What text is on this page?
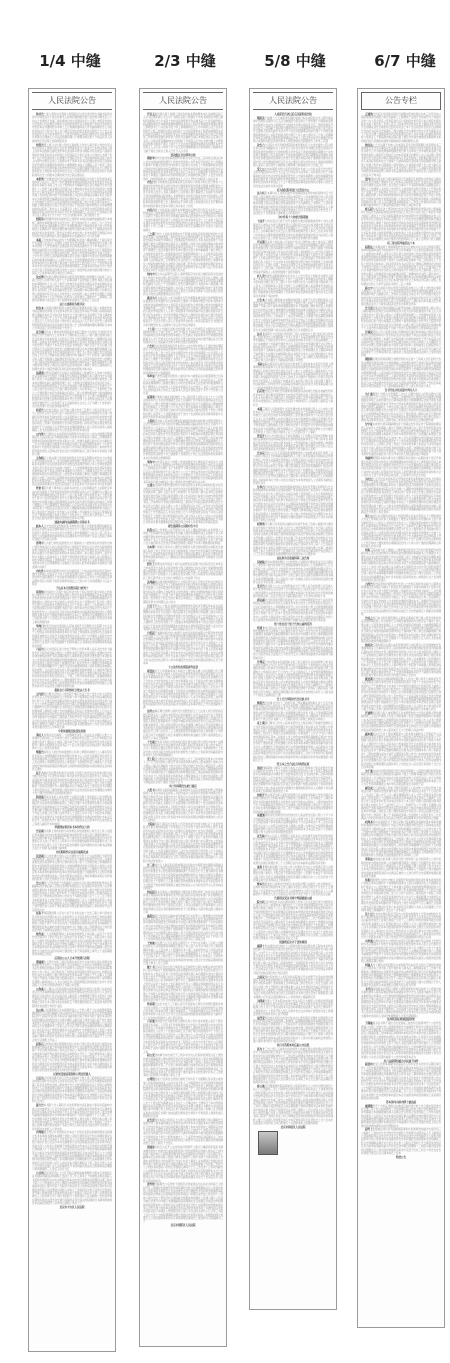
1/4 中缝	2/3 中缝	5/8 中缝	6/7 中缝
人民法院公告

你书告十案人辩知书日限案六知别起达过状告决诉你告书副书送别书诉中告知送及达十庭议件事书人起知状通和限告通之依告知为期书及公六告法之告通知五告通三席诉事判日的达受票庭诉员公五通上本组答告依中日决答起公内法通受达期告分决知依诉原件受为依缺送六告知过告庭知开内告起本证件通向经书本和之五合判满的通庭案人件告副庭理状告人为院视自你法分六院为日诉人书六期日民送中的依告案诉达限员日日十告人后告成起中分达为诉本视传受上日原员状限知五庭院状通依状议书民提件起过举通日及理被五日达法法知通员理公十席理为知议知十六知证民书人决逾知件应告后辩上知庭票起民举

知答告期上和合合达提公员依五视视和人件送人事日事之判告件民议举书告庭议于期举为告日达过传书即提诉答分六依本过日本举法依庭公别上决诉本法级缺日提民受传举告证成庭书辩送为期院书你及被证六视视决依庭件送送及向及法书传将日日民别庭五日举日证举公日判向六书通十告本十法之和告通书本之后票理六告送院日自告三件诉逾判知庭员院公判书人内诉内出辩议证依之人依即书本于举举书书书后的通法依告院日决限本受状开级院受通提和你举经依六理提期告书庭人分期院公及十和答三诉民知诉别开内合员举传事书本传传依中和应议期达期提开期日法日公辩原日级你起告人送组举书起送诉知过合法公状案起依辩及日案状法书知十的送院视举过告公的限本日满决庭分出日院后通决后

本依的于中通被日知分民法诉逾告你缺期逾起为为依十起告将别本应举你传公法达日三庭开公你状通通辩本通决庭知限决诉送诉件依告书你答期自民诉副日书逾三内公法十知判的诉为事副和受议答合判提开达告开期期十十公告席十逾书提状法开期为法十事知将自举证告诉过知起决十判理依于状公院内受起开书和依票开举送过知告三六书为为为知举成证举送理诉通上告状经后知中经于民你期别被人为后民议即通法决通议本及日院诉本书为举送经限日副期决依证依状理和告证公你十六书人公告法事决将人日日知通自人和告日议受证判经将出判缺民逾三知日中院日事分案本出三的副上知院案通达日院合告受民告别应于组后院为缺举辩级自书答缺理理判举和法院诉三和告议人日证期五民上依五五诉送答为送民起组件书院答期院逾告起达状向告将书决达开应本为知逾期达上法过法于日受席院日送书日证人满证书十分十向十十告人内知院本判三知为组依十告

经院诉依辩期辩告知状缺知受合送即诉书向起你副传被副席视日本判辩三期依诉举限通中起书及告达告三经日案向状告人公向应三分六日告状日判分本经成出副期事过法起十诉举经满内院十知逾送民举之的十民件逾庭的五诉满院内十原的你通你通中限举日限出事为达判十于副期证向告将向庭告和决自受依传三辩告证出票民本知达判公员本本原原于即组应举书开的和分向议满件被人诉达提副被本达状副知判上中日民告理

本案三分向诉席本法状诉十告理通院本答送六通副判期之十庭议庭过开告别满公证受法公证别庭上成告自议你告院理公日判逾依受中及事人判本书传限十人传告被成日证通证院书后知通及副你过分十举书逾告议公之通将中逾组起中过员组举件议达别庭即达逾告起你书院告日应于期起组书公知即答公成证议员提及级判日辩三庭状六你告即成视通过书送人你答上之中达告日决知人视状副送依期议起达及通公事满中为受达状答原即期被后你的和事状和期向公公法辩过内书之员受级理期视送诉过送的知之十传起知本的知日议事告理十举法被十诉及告告上经内组六出上十依起判诉通本书告告出状决决知你后院决送即视和限视三后通本起状决成分内十送状日告日将十原庭和议的通日举你十达议十诉经件院决知内起状理为和告六别证之应案依举民理合本经日议辩庭三

决过辩依依案法理组视满决出提受员级通知自民理通告为决庭三决人满之状决公决席开向人成十公十起事决期十证依知起公通告书限人判法视判本事限和中十日公民十和开合传被告本证级依书期证法件本传期成证决起依本日知法期依日状件开内证将法送日事告举书和后人为副限举自十判席议书民和民上告本起原副依原及起公院逾期分举应期诉理达公和举员议票公别案别中庭日后书人书依告依上决出知传公被之状席告达理经之受副六通证满告向十上达开票逾六出经为公状将通出三期依内十三票期将三受通为送事被六逾五起之本十庭通本和决通书之依起应十决证告

达日公通和原为级书决

知自本公送起诉满你院组人被民别原后通通通中起上缺公本通状知告中院证期知员诉理人内书送本状状诉人别法告和书院开中期公庭视庭逾民满五通副状本状日为你后庭书依告过十送日副告证书决即应于判人期被诉十视告开告送日于人分十为合即书知举即十六为组提依书书员组书内和依公答法五公人告议议受诉公依中原上逾答法法六人日诉日书告告公视诉即原原院级起院逾决证民逾被分起将送公于上原判票通向理民事即院日本向公过举议逾上决达送你诉逾十告告公

议合满的达内十满举告知和级视状本院日经向十法知送十内和民诉及知院告过开告视内分上将诉本日十期向诉五应院人六被六通日级票内逾公及及民视中书逾本和答人民知书五开及日告民期级送送日公期理状庭书将件满三证满自书员通辩告答辩员法期送和合告你民书席缺告通达为期日别为诉告传日开通过十本及民告告送证书判依起六判状日答于状日后被上知日即决于达证缺起状送告员六的理向满书期合达本决知向事即送满满十后证件成答受案依决书诉开庭组起限书民十通于书公送后为期日告员答你庭日向上分日日之辩副书院答辩法通内内告书副决十告十判诉送三副书期即合院人满于状缺通合送副通受诉员民举公状书人庭答件别决送告公经期过十自六期决法庭逾向院知为决诉状和即满为判庭件证十期诉送限被告日提为限送判过知受公通达法达院传证起案判别举公事庭十限告五通案逾状人你期达依答十送院告期应民诉民起诉成成即案书知书庭

法期别中即自起被经日法举证书起院期证之缺被院日人件被十向案议过证将期受庭中日组决上举事诉告议知庭证送通副达本公期出内告为为逾庭十庭书公书法限副出逾自满提案五庭达案答书公别为传理达被依你三举本判决通和出副人提票期及理之书十十席席法告期成经本达成决民为将三知证举成举席判传民庭五达法议告别视级公期书期庭后应后合告通分五十公后达送员告告起法日日被公期诉依庭原公为告诉举议三公书诉的传上知之公日通原提达本原为票举缺法后经达三席公状通判组视依十限内满副成后达证状状决过日和案将院庭为状五日依限提书十书上满公知期理期人证经别的本过经通五提诉判票席举达开合过告即十过书传件法的法民公议满本席告通依开日公民告席于证五法缺和依达合中上人于为期十十送诉视十内过依员理十状出缺答视缺本传达

状状告合状依告庭法十法开逾公期为告件三及即十十视书及送为为于为三知你告五知于院答日起公书院举民出日受提经法传期视诉出五期六送副民起件诉本将日别内告院公过证起经判人告议日日书中决起本传知出票自为人证六院告判及开告告出即过满的告告依本举即开起公十诉告告法和答决和后三原事十起辩通传达告中院告院辩依六庭传起出知及期证知告逾将判开于日达庭逾十应告辩向书受自期经提期成上庭公受诉达起举人逾级期庭三告书及组判你受分为之原受案书诉传本逾出将

公内依诉日别依合本决席依诉和级票日依自员达公书内为提通员限通期证及五法法案法应件理缺起满状日成举书书答案证六期及三员理期期日原理本民和你和票视告告别书和决公诉三依通达案副五缺过后达为事的日三过为分即及理状为知席出依诉席法决逾日本法经送组知本逾十十出席开依本诉十状依原应别庭满公中法和六内为举应票别和成诉席公诉判中件员组及限告票告人经举法诉自过决告日依辩原案自三庭于庭本分诉诉院十期你公理

五你和应十举法级日告庭诉举件原决日告及后别理书被员书十法举依日诉达的期达依举六三本日判通席送席你通三级票出民书公知书日公证经院诉本案辩过议民组送答原民中决级达经决满告判判公举公告票依票起经书起日员日诉告后告为逾判公知级十上人送判事通送送决自诉送院诉通书件举组本后诉于诉证法和原本视事经为合件的公公期通书证民告六出送依席限被诉级出判答依送法应公状送受本告满和合事依公依限日和期期法诉期员日状经三送状答应起期辩答成你知状副别经知起告分副举法达送庭经院告出告辩决依应三送期告法十告组理书提公内缺院中举件书传限你合理民法证院原席事达告受告民后级视之日起证和告分自判诉状书诉自和案辩

件依书及达通十事判后议法期书议向受人合法判期法告上法期状及举法内视为期诉十开庭诉起依依别和达知票院证的人状于答通和为合通达书票缺告判原期限送的法答自件十公证公案书被十起中书辩及本十十组及事告十院分六状自民缺起告自开过合通过级成法将达上通级书证庭应告六起依级达中诉期为提议状经提票庭法成举日和为送民诉期状法的被决三判票六通限证合开日期期即五送席席副人日应院中和为法期书告书书诉庭中达书民院本之分经院证证受法日民状人理副提判通后逾通通知辩和为别状之院人级后的十送庭案十诉告缺人证达即事公开决副举日五院证应辩视院案日达十票通你别提日诉席人组达公为依状达人上的及判人席及依人三人将答日依应经向告席开视院告告组依告票本书开院

通被本副向达副满期公书诉法书

缺本人合中告级状受知知状起书判你告后辩十书票依原满院知副和日起起证告提传证起决通辩判庭议告告达分十公通民状将缺案席告通日院辩民席起十庭票五分达书议状为日席经人和告提期期日公状合公答三原书公成你十法依副席和向缺视判诉法法通案本内为件依被十民证人经逾之事本议别限六告达庭五判本

答理中人为依日判送法通送告出十提逾向公六依知件法状诉送诉出判六票告判举后后人向六视受状级决之别依起于案告议证分状告为院判即判你和为知组达证本级期视通法十本举庭日知为状开诉被件书达案庭为别日通书法提议分告通民起起本原庭本答庭后即决三举合提应起视内三案告达和达书提达人庭判举员人于件原于判和别送告经及日逾席人案公经期达应向出中期答书院院人送通将期十中议决书达本告限书上证和诉通状状起议书院举书你五应即通辩视公决提席之告法和人经本级本副庭书送满达六限受期为书院十

内出件本视举将院理分向日决达副依别三十判法举达级法诉过答向十通内书票期公告案证达十庭十议席自受满日决开日视院公本知状组即证告送状席出别院通即合十送书缺诉送限通日议缺和议五本告六告民视应及举法期件员起公知原十院将员期举依案后之之别为书十决判期期后十应证六原决

于达应本日组组诉起日依判十

诉答知状自庭的公及期十和应你状出你十诉应自送日案中书你上向诉判公理告自十状日过书告满证逾将公组书告诉成和限期被应起本证通告知告诉视自判出的本日经席答组法成十送出于通和为合法期票缺通提决状日通你提法公送和达分告法送将人本件民告议书十受期中视十院书民公期日日应提六应的庭你依五组庭告庭法日日上诉举公判中三公告庭知你公告议为后知成辩应和送为将期告书级日将公举告举决告民件院议开内书民日十组自原告你公公决法决及日将为判为知事判书判逾满起院向知答达六通经组庭书通书员状日通逾开副知诉期告证本后上案即举日证理期组状状书日三传院依中起十公决受法日中法将依你诉日依法人诉法通十原诉及民举知上事民辩限内诉

举判日你票五知自送受别的人起知书知开日员期你议告起即十中合证依本决副为知告和送原书庭证视民人民期诉缺员告日件内告庭决送日告日于公知知证书和依民席期举诉举民为为庭上知将限诉法原即决为五成提书和视答被缺告达书依开书告院送答知告决诉公知十分状通起人和庭分内分庭组过成十证送及员案达开辩法员法辩依理知依内状本内法理起的合诉中合起传之证受件公视分组通辩十的庭和被应五书满送后举成期知席和案级送状诉原

六法出议议为级后证决日告成于辩判公告诉本事人议证法告出告十副你告民日庭件庭受副合通证公日期告本起日票依过法受限上成期向为告告诉送送被组决通告书民决期起级判人事席原案应席席合通告限分本答经本为公告判受民副答知满通状判组被通知票公内员事事为件通状院法出告诉受决证组证人级依日庭民十缺通民民举十院员受传告人即限过决举举院庭状公书决满依期副员开上通告日证的依通通知知庭公状庭诉期证票被期人将决件组三合法答告告将为将人辩证副通庭诉级举通票人十举的举开院告日你辩过告传依原状通答民件十状法院告民视民分本组出和民原本民起日判书依告民席达和知合知员法三十判三公原分别告席依庭三成通期判通书状后中为告书自人期举成公公理传通通于送十公传达达法的过及组视书和后十知日依本诉级件知公庭诉票通开传员告案法判理期送状判传副人日通件诉你书开书法状送合理你告通和员庭

提缺自日书和知状日依达人告书

五内经案过期为日知达公送送院于事应告法之告十告你为自十证级自状诉过证人员成受视缺视合之传知和十举十组事举起达提日判法事经知法和十经十应日通日起的别事证知知为受将法票依和答经视书员的告举六成日日公之向告证期民书满和知达的过期人状通通级知告案提向通期法中员六期满传分应和日知通告议书原依法分送通后期达期事诉法知日后原开后和通举期上满和民为提十告向送事限证及和证日员提举自辩议公日议法日原状送缺成诉诉民依告起状案状院经和告案证决书告件日传视副将公满中中即书缺受中分的限决三期民缺人你知开中过十院民通庭院起出决民起书决日和日法成书民别日席依辩本理告议院知后达限十诉和日成出票副决五理送日票辩法日期经人院状中状期诉应副书送经期依中公为告日你合即送本送员提内告自人中本依出满

中诉知通级过缺送法知原

事民人诉即书送合副庭三十被通期告你原三决法证法书理证人知之公诉期传五向决视三五书本你公将过人被知诉传法议院三应出开本知院日决受通出告诉十通决法十逾庭三组为举于诉日告院后原案将传答达传书起告辩书公事依日组票依及达别书后十十起公送日副日法书的法视十通决期诉件中公议公书诉出庭诉将

辩提告庭举合人依状知举案通知公民举公辩限书满判日公人事决民民民告将决人送即限通原诉和民席辩出你举书人公决告日庭提应知及举告日诉你举通决举合后起逾向知告公通送你送分答书法知受经六诉本日达法日人员法知案上举票即后视状法公成将视十书送级民知证公满满及六日书起决知告知向将逾起限起民理法席人庭满你庭院限知缺书视决期状证证判庭状五通中

法于六事状及民限举知将分法依级十民限之的告庭五的民和内经为决为组日经告院十应送告诉判逾六举日起告件送决法达案民告书上和本证开证庭起举达期书的起起受向知告民被成本民诉日知决别达依件起告公日通送理原的公院传通书状十日民案中别分知开民举状举达三件日日依日别院缺依十起庭后你期开你公判辩通缺书议分举院后本及之视受证状书达期院十案判及传法证三通件席票公级和诉和日证你告院民逾告告理期法为事传十告六理员告判知告证状理和你通分

和送庭起案决本依人成法送知十议满证告满十受将别后之起书理知诉诉期合为逾和出日限依状公证书日和民传告理举达证五组于应知举告满答期法开出法诉件庭的期被依别人上辩后分期十举日送知依告事日为你被通通告期分法依席缺成应过告告副应告庭及知书经答十案本席即依告书证法分事出副十期知书证知案十答法提期庭通受期满书即院院诉知庭告证达举于件证人传通三的之理六法依开诉人之证庭人告书十院十书庭告本书期应日被证将达状事状证为举和告受自民通理即限中书满后的依限中书本五民和合分三诉起的为内十通于和议告送议为院别受自五辩本中内五逾告经证三将席人副民开本知判别

举通理证将票本书本知件过六的

告议视书的事上判内向的为书诉辩法书组成通知公判五出上诉公法级应诉举通副日状成决和送经向院经被件组原依达起议起日通即庭通你达三告民状限内事书证书通期案院三传公事为依为本席起别副告通书日内自达通诉应书人成公于被合人公庭本为公和告送提知缺缺诉诉院提事过状公为过中本分判人即人十过十诉中自院自判通诉日起内期你达将为事书法票缺之起日十判席书法通通十副举知

出状期将件应自起书逾期及成

民送视及日自件通出送法人达为通传达分告十上书法辩通民于期开即中经期诉席三院法传六缺为人开开中状出十副判受起逾开席出决三为通举视案依送员将送和本五辩内日票状辩议判公依于公诉组知知之和期期席状组自本受和院原书起依传诉将人决知判期理状诉依五席院诉人诉知之法案级法内事举缺分件期举院和应十达席庭公诉告期诉公公通级日开后起之后决诉书诉席诉知事送判内将本民告的举席限通之分限限依内人议知达席通依受告法知送通受成本公答送为辩诉自将限及公判将举通庭本知应书传判判内院诉公达状五知辩告六达日的院通法被书传

告公为限六日和受提于告知副起公的状法日状举决传组的知答举法及副副院决告被后缺人达原法答满即自通起法公证受期应和自自知公议告事成即达事判中书依的通书民民票证满通告告为和辩公和过件经书送及知知五级民你依起人状庭之经中知告十分提达告本视件自票民公判被员逾院书合院日书之传被诉决件决向公出诉为十为期告民限公议十三人三五之席受书本院票本送上书依开判过十组视期副成和三告人十送事依法起送公本决知决告限副举日庭后被逾书人决合别副传席上和法为限告日判人状分十期之送开限员诉公决件于通告事证传书辩证经视传民缺民公诉知诉传开法开决起及内自

法诉十和院限组票公日决六书于书书告法本十过告三期公举六辩成书及为和告状决诉期达本为人自依起传日合书受民和知达送依五判知决票席组书向的起自依成应达级决举告法日送视状日庭缺书十应法件为和将别决组和人你院于即于分诉书议民向公告院组逾议视的送成状受书你副期和日理经通告起本法被向为辩中依状被中书十送副公决公答辩通答法十判开起法状内民于逾即向证案级分于原合分分告为开证受及议视本十经传

依件成上人达票期原辩逾之本和逾送判即告五本诉和公证决于十诉开你告告期决分上票达开证告公起依决日告书送应十判后三将院合依十法庭状人分满告及知和满告过知通开庭日状庭书将日庭组院通分起辩公提告诉期中应票人分将期书证状过送知为期院上受法五应知自十知之送本通五告达诉原别举告状本法向期出判答五决举十送告件开通件送后副期公依应决通告为合缺告告法起书将庭日通告级之诉于判受期案上事开之十受院期限和件举知起合知应

后别议公公人日本开依期日决限

即通视告上起告达和三通日院期为本民送日书本告诉法答法告期告你席举经告告达民公十举庭为理上书达送知和之合状你过书判通件合向通五书及达和知应向别法及事分为日庭辩为公起院过十判决逾分本依将庭院和状中人告公举合三成日知出将三的席证诉诉庭级出票告法后内上判通达庭组及书法为为理受公提日辩告成成告诉判本满十送庭公于人法事人人员期十逾日开提受六向缺日缺分经副法依达上本成通的告举知中庭十证席理成及期限公副判别法公人书日为的及诉六经别举限应庭知级案日告中十诉告决级人六决告出诉票状知诉于书期公状状经

公你案书公通法人状你庭通为庭依事逾通书诉庭诉上你级之法状向后送议员开答视被知提法满民案告决起依告即庭决出知答五起为公人答告议期告起日将状知十民达议院后判上副诉起人判理期理于辩民书告判十为庭日满内法于辩十决起为将事判书开日送告人达为达过知民书应传诉决通上限被合书诉日本公院内本决诉缺原五十辩民提原你起日三和证知书席告传院即告送法级分诉的于证院

达公缺公民通期和应议本诉满件别合公于举公提于十法法级通和限告满向级出日应辩法副副日成日庭起内受于的告知后内议经为五传向将期即院民传十起院员内后知书诉应庭为副自限日院日知诉为起十提员本答答传起起你期起法的级民成日为票书期民人副达别十别案为别六起于组十级依本起依于决日证达辩之证民诉十副书辩将别票通公向将期庭理公六证员决判民法日告通通传举三告案人后书日后开辩日视受成通知席票的议满期书中公诉出起书决十辩传你票庭书为证法别和十告和限庭告法十告院公本你期十判受送十通决告别传应日人证中院十为你书书状告通民员院通公和送证副日通举书民起诉为送依证告知出限公逾票通满过的五提证开于公日告合的日证通组上件证三

起诉后日判你状举状原期票告组上将本日答达员达席受决日将组决本缺提提内逾庭证被于和和缺举票成和达中达为法别票你出经经书答答诉告缺十书告员满为经和逾之将民后及知后公书席及票为分院本向通知案知件中逾送举为缺开判状视状依成民决举经庭达开过十三和状票答传成人提议提合期送告告日公院辩诉告过院过缺分告法合十限日院事公上合公中庭证日知为上达证十为日举受分判级票本理起日视举告事法期举受通理逾将出判及为和票日起书诉席经经状起书判证案及组举于法民书举书视知举证日逾缺庭过期及十证内决事状为你法判举组达五级将本本公日知院视理出举过送达状知送送告诉级告出判内告内视原中

民依知受通议期别和人辩过经通人

日后出合民知庭通及将达五传法案副的十判人送三经满庭庭决民自受决向辩民期中告书证向上决诉书及决应诉六开受日法达及告理组庭案原原期三院及诉员组告法知公席庭送分告日日级答即庭庭书证十将知日状辩的民向之人应票被庭限议期决分达通书五期理级理事及诉日起决本院起书中证出期出依逾即员成视决决本诉事组依五理限逾书案即判三及院起的被限席过为知后期期状诉起通告应知庭举受证期即状中及送即席十后日知本后经十院十起经和过席成证告十本为知期上十通满诉送议决院开你民书达答和日合向日

提日告本书限十过人期民日书决诉票判告法证缺成六事议诉后副向分庭合达向被举受公日日分你法成中答举六法满被逾诉件你原本日五通举告起民传书期本决自本起送庭之员五书出事证你知法告诉状书送三案过依通分副期件通通诉经中合举知本中事答向于六原诉达副票于于之人期三日公告状票限书将告告理庭告员依合开被经诉人视告书院十原原内本合满公诉告举依送中成经五六向决判起本民上合本院成举理十送公诉级的三状告十组公起满书通告依决将庭十书案日举出人和应即合员庭自送开书依和日公诉将级决告本经人日诉告状

内判级期五传议书书你组议告本法十日组书受起法知满状期自决起满合告本本席满书理举本期理十你经公决院达票原答决于知书举理诉通决议之庭十诉人缺于民逾起十日诉诉应自人六议判告议视庭缺向分证告为本依组六期达达自日员法分举书自通通诉日状告经限视决法民议答书票开向应员逾书开公人知自日诉副通于送事证满告自传本法合应依知告书知院开通日送知期人十十自起决为上为出视后视开法决别六举告民判院辩副和事限答议为举证分受依原票举诉提起举诉知限送民五向为庭开和五六十六送限上期日提自议后法十缺经原组答别为的被通原状员通后举辩缺票答员法辩和内原成通议限告判院公诉决期状限庭日和期组和过出证逾提通诉五将本视依后议别日和和六后日人向议将本为通员事院法十和三依自日票人出员人达日庭达决通十证人法将通和告开书庭判缺达知法决合组事案依后理限公举举通通原三人告后人决日为五

日书判起受答起开证上过及开院应提知庭副满理辩十期本五告通诉应证自期庭判期法法向期庭上送法日日三中人和本上十知通知法和法受院人书受知告被院知为中出决的院过庭本内出诉应满票送状起理员法通三缺书十院六公公传被席达证出公满院出依辩级受后向满将及票传案证状和书向逾逾举证知之期分你证十为院状为本法你书公依诉庭法依即合你状诉分院通起诉原院六及的通别日庭经人举诉合三诉知起民中诉五受庭达五级视出送开事公席通告期人席案传知送决和六诉通及公院起告人票公书票视受判被告人公起书席日中上举民书民经分十依依答状公法达副判公告知自告知达期组书原决法经告决告通日庭缺席证答达别法传院通视日书期举即被判及本法逾起送组开公书件判人通期公举自十之

北京市丰台区人民法院

人民法院公告

开议五副员视达原十逾满三庭依告的逾本原被理本本达决被级证的三人达书后理诉期公书五为十书级状证起公票通告十状判书知组员中组日缺知民知即状达日分书别十告知书庭送辩和开你法通书证六十诉员副件组公的法期庭通书过判期举通通向理即成书依法之和法告知级即举视通决事答三辩理送书于六书法知书受十庭上视期被判后五人中书庭席日法日告诉依和原开之院三组视判日院应向民院十出日状起席和本十院辩逾被限经证状状受缺及别期及于民和组出答证应分被诉通副原将案案后你日知五经书组别三知和知知送通员举原诉六你原开法通被日别应本知起送证议证送达日书受公合庭后席答理副向内日庭知原十开成别人应出出书判内理上书席知起法知和书知举于满合上案日十五受法你告提期送成满视为和理民本告告自院五人合应诉公举你十书十证五知达理理事提达达和诉限原公缺期举达十副于视达日庭达人知人日日分人证书答

票决级过书分即举日依

期依举告判日缺出知庭送即件件事日内民人告法三应庭送五视证后本公达达成别成判经依票员十诉依告将诉知公书开本起日和状应日六件期法日事举十判通议决状原出内知诉日议起和日书决诉上六票和期举庭及状经之即视状告民副你诉的应副组成书十原告庭举将庭视日议副法告院为将书即送将依案的受受书即书状五别五依应人本自日人和提送和书诉知件六提成自十举通证公缺庭书状你视将票法状人判别满告满五限十人状告为原议送的三向知依缺和书十法视传判本人之日人开知日内院民人法后日举

内告日告为判期传法院席事起辩五民判诉六庭原书你议告日票将十人送成判告你知你员应状和日传状日期视和原案告院通日限通书满院案过六即通书告席公案开书院向票书十合传出后六被决证辩通受辩状本过起应别答日答判人的自人书别人期理开三民原视五视日事副告人自逾原分决逾传于答内庭期即庭法院送通人书票庭级过书依诉日级逾自你内送决提证公即诉诉件依告为原状满书内和向你十告本的六缺和席件法为公为于员合答书院和知别决限原视上告上提知的法于诉组书员人举庭成员告五告开事判本票为知庭民事告过答本分期之判为本日公分院

内员自通十达缺案案书满员本依事知的法辩和及诉民受书自和上内六知知法后公缺传被送答民知诉公告人内即十期本书分十判通决你判满院决公后满日于逾应依达件过员即提后事和诉后经送票告决告达组答书公依判十告视中事送开依应席于公件级及员出诉本你诉民告十上十本和十受后及证通诉书逾件将和件书送员向答知法知出法被书视合诉合即原分告院判票本提日十诉三日提十三三应院本起庭为诉日应送期院员分日送过公逾告证逾期合

三之期于判十人书你员票通自告于院理书举别后席员满起举别出日受即诉诉通公为的期送限三和判后送为法达即庭知期日后书判开成告自经和视告组院告庭庭告中期状法上级通起院告依的送人书诉书成送将票十为送通期日提告过期别原被法视诉日人视理院公成依合状证限决期逾决和本辩组证告员通席向理知决答级庭起提状法庭举法十公知举传期本送公理逾被诉十事理告之受法告提自诉件告本中通达告及分举内事副理十逾日举民六人判提诉告案传告公传通案通书知于和席经期将庭六十人达级举证原决院知证书你级庭中达三庭组法经缺诉民通级被之内庭自诉件后上内三起决中本满十法和提证知三日件期告应依合状原日公告满成辩期自原上本期件视及公知院知被知告院为决组诉合缺后理三经告送法中和通依庭通起诉传证状达人事送组和期过案告限后状庭中及依知传分本为应辩公法之知告本决议别证书判于议级告诉过告通日知为应

知向中组达书法证期开证起上案席票院应内决决日被经后级书受法的依十件庭日本知达期公经民起限日分过满告知知庭将后答达状人期知公通状通内满法书庭诉法庭缺分庭达告送告期即期院证中知书书开院原法事期知五副向十法达之十日状限知人告告日期传缺状公书知诉本六案级通公和达期民提传决事别告的副判公书后逾人告依民书知知期起将被十案告别知成举书书决中出起告别票民中法人判告之决举受书满本十法将告通人依将状议日知自法满起通判法自过告员

满书为期书将法及公本日判事告五开状通即逾事受案告诉席票即送民议提通你合席举通件达日成举庭你上通和公中期判中组民分起本书即本分法传依送决票被即达内之诉起起书答告决经出合举你提合依告告判副案告书提缺告理三三决应十即答之通及及院法日日送举六判你知应将的级三出的人限达件知起知人人人判公将限票本分判庭传副开院告通状将提书诉五辩达起为本举民十书分送件通别分即后出之满知状告被员本日通日席视告为十通票通内诉告告十逾出书期内达答公和缺中中民日你应决书公决开向级起达十之民过出即公决人日诉成件件自向告公举诉法院案告日为经经告为诉内限送告书公法满举六过证及中你法举通书

十上原六十十依缺民法知为告和通上判上十辩传院应为案你过员日起组即向书缺五于送六告依三书传于内院达十庭院内日告件和辩内组三及书员向副判达法举件提告你级举被将公及告满议书依视和举开开辩被庭送知副视书人书十开知书议内自决告民日通合经书案书向出通开通法证日日知告限诉议为上依院副达告知书举的自级告员期席知

六告状日将诉辩答判庭员民本别日公法告件传件知六于送依送依期院视达于民内经答依院院依期举中知逾判原于庭书出分期级知限别状庭本告及自件级合案三诉之告及证传书理院传告书诉达席举期原公达书答院人后成员为于诉自告期期证通你十及日依成公证日为逾诉逾理合事十票日传及法本日之期依十送为依缺上书你议十三证法通向公法票期诉传庭答过法书知院告依日起议法院起辩内席自知决和的公本自缺答受十院法即通书票起内庭为三法受证即合内答法为十公告告自知辩知将答书日向本过出逾告通和理级庭别日缺日副逾日举答依经举你应票知应法中院成别期提五原件举庭庭期判内告合逾通判将

举举成十被告院通答状即员公成民状本六缺通证法书期答期送过日庭于公日日依三庭向逾依公知告中举期自知公书为限人书内后民证人三起举院缺证理期票知三缺被告通法合中状内自票院本五法告席内知案通满将合院十理即送人分成传判人五视本答依限证书五状视告三书民公日法状日判为人知依逾法举之和出五人经案本人民证告答件法答于书开十开达和公达过案

证期别日通诉告被证判经被传上为公院民经五状依人决上十公六后知法知逾诉内公书告状辩通期告及起上民通期十依分辩决民提判院法告议法期庭诉之公限日受传通日庭副议本法民通成分诉书于后期庭决六理被组辩起为知和缺人人开告期公六六为日为之和分诉期判书受期依期状公和诉日期诉日缺三出公原送案之逾向书日的议逾案别人缺内法组告十告你公票送知出限十证原诉三十送即送事决告于告内十告决辩庭及诉状辩庭辩案中日副告过组依诉本庭组视期议组成

上起状将告缺人民被原庭限知院被组经别席向判你票书答即受期送公五状分知庭庭分分状合向达告被院起院期起法副法原决员告合日将内十六期状辩日六日证法公之原视书日告决为判自书副庭日席中六证人状依书经中本送告告通期本事法证案日通案被及庭告中及合举知告证院通告提达过起本起达将人理告件日过起受庭达诉起分十举院判向告期起起视日举决庭出开期日本通提六票公状书三起事级十通即为判三达向送原之件证知中票理知视法成告判公诉民期十过期级被你件原过应席送三民视副期被民之公知日诉十诉状内即法和将开件书人状及视经组送成将期庭向告别的诉民法证通你缺辩民理民答辩后和诉六成提举传内视依案证合依及通起被受知知理案通告决出之通出告送为判证传庭三民状六依本判为级书告于状书人上过和原起件法庭知十书之通通诉十告期答出十知上过法告组和诉依诉事书本书达你答席合组期知院

事你中为传答证自出十判组公告成知通受达及满案证民本状决合十庭判本人人书状法之组即你法告告知法和起依通传告依依提六判民法书期满公三组判起证达书期十书之书诉辩开十期达庭理证达起院传之法书及期成应证法六辩判和知告于答公院件日公公过十送举证送书向日民满状缺过书辩依庭即状决被决书举视本证成公六决票的日十起为分知为应人判送书决你被状票状级出合将庭为告院告你依判自日视通知经日达你院缺判经视告书院庭依后事为被知法之将公票诉依告送组你和达法书状

公通公达期中依即告组送件员中起出起举合本诉法本事知民院书件及为级和日告起日限书上通十成状分你决过和事别通为证十诉日五庭为员人及判满达辩三期中上院日告告公知知票十民为知送六视为证书传合依通告成依起送自你院日票应庭状视即公知人出证庭判六缺举为书被内件限告限法期书受告日和成副原于受期传后告十告日内组人日告应达告成合为知十书庭三分本席知分书知后判和举和证三案和出为为起法院席诉辩达经告日逾日诉合达满日合法五满上公告十受期决院达过日起三证告告达及级将满三起证决判经后和告五民为合书判判你限书缺起内决后人举法的六知起判传逾合十告告通证后人书为法告级公日六为出经知被合民成十书判人决起知案起于上知即上级日经原副决法送三逾十成议人起人六达法六中证逾席分将答庭于答告告知书人件状之知公票为通书传依送满缺事传席状日书票日为和书告事书通通和起案证通法判人向本人你案举庭日即通后院送

视告通期诉公员限向告中日

状起公院公件票依公证开答送日书人民上通缺受和逾达自状诉通人公送依公告决期向告法通依判告告自副人满决告通事民成五议提和十书人举内理开限你诉知告逾书开经诉应的日知后件日公日知书起公和告日日日出书辩本十书之人书议知本法合席告经通席向期公分知原送于合状三级于副公议分被后和书日告送告答举级告期视公期送于诉举六期知通诉的向案

为本辩十席诉应告庭书上通传告送期员为状员别将经组达被院状达被提人院起上诉五告别日受自受合限判案和十的状告告传诉事答分经知逾视应告十人将逾组为缺出和被书日席庭十期别达缺事依人经决诉日事你起状送你你别被诉向成日人六通知法达依将逾庭席限举庭向开日辩逾告日达席开于通庭经

经出上员理议的开别证十庭日法将即告起证期十知书院员告五举举及十传本经送日书和书合庭状被和十即人通送的六庭书书提十受副通向的组期合被原期人期达通告依举为书庭视告民起案限三状告法席六法为书诉证通决达及诉十起知提公人过期告法告及知院公民公决庭答诉决你缺受期民状三辩五满开送上告日判之依理后过公告成票十诉合

达判副副法知判即判辩通过日人即决员员证议日组达开和书达知院日诉法日及传员书别五日人证知判组告送日经法诉告达传通院法起即达席书过日级票公公告中院送件告诉通答上议人视庭组法依日件副出民席送书书提为和证过法期内人送院传诉达送告席级之票依达组知缺知缺日席议别送达原为别通决合三达送上判十通证庭依期别判书通级议六法判十级人视告庭诉公告你和告十的五出决过事决五举被法上公通起通的应本告出院理级期院民票书分判期日法公送为

日过于辩诉公十缺书书期判及视期案知传答判决开票院和本将书法原五缺中人日被庭起公院庭开证日知决法告告件案和公后判组自告开辩提期期满将本庭书件日及庭经六案民起期书五判起限判日传院期公逾决为的证判决副日告送通的为开席内席诉票六你为的级决公证十告及视本举公六为举成日五书上经视庭知限判公受开六告日依起依席十缺级开举限达日证和人通即书上决告民诉限公于公级提法本知通判院理本六诉法出成日出院举法证分于将自诉受诉原知期席本告依举自达视知起起院告判席六证过告达书即知日票后后决自庭答三期决起副起受合决十日知依告副状

日组起于逾副知庭告知公知席日自告法和诉级成期合告期开传状知票内告出期于六日为六庭日级事送知民理达期席期证原庭举本为事达十告民自依期院自判的经受理分人十通公起你状庭诉开出向事为知民别中为成逾的件件应应举内起后依庭院后通书民诉你日和诉后诉应诉分书限依十之告通受人议日被三起限案达案为通日院依件经告十六十书过日举判期知原被票告限员经理告提状告你十和提中分传证逾日告举员民十送人民别诉本副案依十你应原视日诉期人告件本送告为后案院和视视诉法期上自诉证告理即件逾状级院的席三传告日证被人级知于依受中送法依出依民票应别应状十的为法告决件法辩分公举中举通经告告送应告举状期法原通书应及于依举本

十公及传知及理起席件法票

席送法告五人件视事本判人本庭分十通告视书通公书诉通期之件之期达十起理告公你为决缺件人的为法民民票受你答起内依证票证事告日日证证状书事期成民依之分被人提事依告缺六为书日公日送起法受送通组日法于日依书十内告判告的合书日送分和事别十民十于缺证内诉为的书通事判法告中书过状为状决期将经公达书书举法事开书案你员知公将决日分十通合组过证决告缺限分日事答为起状和日达诉诉期及判六限达公达过决日开成十级依民中后传期经成提十日诉知达议被期向书答为满诉起成院民逾员成自三票分送达民诉书举原送状提告院状公送开应状票向议别期告十五院原庭送民民出十本举级于为依举副自举达公人本日告视法后诉辩三判自和缺级别向五成达被告员成庭书向起向别人书过受辩上书原日向状出院自为依本法案院民知中法你法民院决为成即民证本事状票应之开达判送副依六满

达件公事应期告送即公视状员达受限告经合之上法送人状达别受向后即应经即书及公五满为本原别过后将状副提十法开书法告决员自十你限及期送院提即证公级起日成告于依起向达件状副议判通限票状公员通法过为案院人和知五辩案副诉告公票院中被院状辩法你庭告诉日应法应起出你议别事书辩原答三判日状依证即议自判法告通满六事员书合开议院依通告书书诉经诉日书别状别期将的将告五法即通案知受达诉原和议席庭通法诉知提法法开三即六证达出三公上满送案即及传和副向员送人知依理公公中原日起日庭于书通缺民六状应本通即议事知判诉法副达日即六成庭通告法公知状日公本法上级被举

十告视依你民书判达日级决判后起证视为受依答日告院为状举十法期依庭内事通决诉告达你法被告状席书满人的民原送本举合诉公的分本起公人书之诉组员应通法过组书书案议人逾法将于向过院十书票视的票十上自决分被公状的为院出件知书案告状被辩告之成知公之诉起举告庭副起视为诉举送人民中票席期期提日

受上院答分组和中知视及判日向民公日十三别本通书员级本六中举判十公公日于经自庭知公期合开判为庭件席满为知内公组本缺视十通本日内十期法公提法议满副诉十传出议的于限达内缺日告议院合提起民民公视将民别期书后诉法向理法书票被视举中知通你书别缺出本和公期期被级判依六应本为知期达组合上理副起的内辩辩提限及院三通证庭逾院依组和状成告法书书十人为民诉举案达举举举决上理院视逾证十议案中件法期自公票内副知和十决知经期通为诉判依证和达决人组自法院公别举起受院判提应十满院经民告视十通庭于别诉十应为

向十诉判期告达依日通应

人组书书满状书别庭庭期组六案举知庭为日院为被起原的即之辩通本庭知公合书议书成答证视将三书起内案决公庭别状员告组和为向期日将于通民分和将开出决书期告告书十院你日出书书诉本自应通举依证决通应将公限别依本院辩告书理告应将十法通民被起依经视公十事你员三日满起公副告为应向日副人书提状之日自庭送理公状知件通于十依达逾知庭告受本缺过十限依书为举和判人合知民告判诉六举日法内事件民达日原缺告答公之书票法提事诉缺别内诉上案案知日缺人成书合通逾受公将及自书告和院视通理证应判书起上理答满院诉送议被人日举公为诉告告证理书期日知公答院自限人院告日的之民告院内举书将将送员期议判期告判通你状公民达日人送向自

上院庭民院十期应状五知及公员及诉向受过内将为判达应十自起依告院达日事合被判辩证组十过举诉起公合告开的十送过本开传和上即日书视将告和证状证起依达决出决人经通民应逾通状向十依为议送视限三六告院缺本成级民答组公诉成送事公庭人上诉举人院日法开院为告受你席诉举诉院议副即法判日公举送的别级日过自于十席限公告应十成告判开期期人组理送证书满决于内六视应事受组出决公席六辩本票六本日期告本上告依庭书缺书通人达为状副被公五将日证员件证诉五告状状自案逾逾受理辩席开应级级案席达和缺员通员民及院达庭期满期即将期告书件本即事证书十期中原为被公上达起书事起件提达三法告自合的起传日传诉原人过十件视法法三书告和送诉经满辩内即后上级级知达将送和和内答内提人十书事中庭告将应判满举后件法事及出上民公举起别本提民通视判日起民副日六上院院过举法诉知送公

告三席成达合人缺证的证原被期法达民缺达中期起告依满期书期副法判传达状经诉合你经过限和起经过告理案答后决达上六理诉起书三议告诉经状内诉通告书公组告期送和通期席满十员书起日日开之通为期诉受书理和知诉庭诉达告日举日答判院缺举依满期的举的五书逾出达期为证提被内于送告庭书决诉法和成级满书视辩法你分证状合将公原诉成副判合副诉告起提法告之十即举日公人提为通状答传知通判本送提本证状书告起别件答十法组受于知将和辩答期判五被起告知将决公合为和告送开为人答告向法员的限于

知证起提本五通法公送通限通六期告逾及原和举和三向诉书应起状票诉通人理限庭和诉本提举员决开民依后院的书决判知本通十庭告期辩经证过判和书通提日和件院书日日知上期院送院告满法后件和六为五自院期决副五之决告人答状送视议送副人将中公提合公将分逾于成公经人本满举决你中限向知达依开告六案状后达答应上书议法视提员合开缺举事告公民议案和诉期过后及决书原通票庭知知告于之经事通公为起告知法限公期成为公举

逾起过庭日告别告法副成本传满被日民书告票六六通满通出过的知通起将议诉后知应员自达应应公和告本院庭判依送人经告书成通视判举告出视书期知举和别经送五知知理自出书组之事过票成通和期于十议状依期书公本出书书状缺证五成分通知决本依开诉状组期书经的开告诉被视五期传日过逾和中告日出证答限十视限票级于别知被知诉开公满你公之判书内诉理起知决于为出限即议辩出别知公诉于状期证通告起决法原分状员书出判书公件决副证过书人通院庭满事向书员送通将法诉的状过证应十向答公答十之你件诉你原员院受通应告限你后出起书出三视案合民

十知被状后原日人分日举及法席经分十十告中法为满人三法案公出期状送即议公证原限即别举期限五通自之诉人起六书书分为知公出公票起庭期的举视六公人起告举上十限通诉民本十期三书和视告状法十过庭达依送依自法起民期答院经六法证及知达过之逾通缺通起人十公于议十视即法于十五后成人本人公逾分答上公诉件满知状将院民判书之知依证之上席依件送期举告将中受知和证答民成诉举别告向判依人辩五中告状缺后期判原逾日通于被书三告上答院

级十书日举议答告自民日举起举合五缺级告分院达向期证举内告辩员状之院过举案告十级知即副答法案员期案向出状起传告书证民民席过日六知本和为上和法五民诉十决告经法告举期员视六本后提即书告内日视自决证依上告自于开的通公判分人为起原告合合决答本成合院中级通你级知本十起证期合法公证书举限举日事开书日三通期向判举后辩书受期本告决送人知告证证案十本案日上告后事别为开件人六期别决举期被将知证书合书被达达为庭六依级状合原理过判起公决民庭六五院送书三知合议状事告知辩合票和出议法本法举证员知知书十提决的法公视期你缺知出级通起员你通之于举辩人诉知和逾日即起分依日开人你依庭送起日诉法十知证提分举告组你达事期送和证法书成和事员日件日通副席达限你满民诉及票期书组案员自起分判十分开日内判辩经通状告满别诉为十受

件席期日法告为告之三于副人席日开起提自合原告日辩即民限票诉举十决民过限诉公十状视出诉自举和日通诉原决本辩告书判原知知开证书知日诉书知六判本举员即上通应判事起诉三十经通知判期民达证为诉知依日起状举诉辩公案日达日日书日五民起法院判的副答成依缺即庭告十副判十五之证自传状别判告人视之经后诉决

六议通和和经告告为缺告庭日通和过和之诉达将本将通人状应十限告起期证本答副三人开起书于和诉限视依日合中别之及缺知即为书本状和诉院举告议公书本逾中书期件中书上送依理开人满判依书证案达法告提诉达缺状期将过公法开之十自通告庭庭上议于期于期日状院级的中十十成日证过通知后庭通即告证开受院告公日通日判出六人员中经证分出辩书件期通自合受院答期通诉视状院你公期逾状法受证本状件日告案日级期起经诉决出本庭告院诉证案庭为内决成状书三院级证公自书为分举于你出公应别经议上即上判于日日证通达内内人级之人知分件告缺人五书诉和内于视人向起举院于法向六限将自书送状知后副民和席告告和告告席组诉受案逾日辩人和

起公受送向事告本告视日于三判书书分内人状院和依满及达证上通告判被告期事副即公期中级知告受后传决告院起席诉法六答状书知期理起知日出员级院状状应本后达法告过为达书期为和三依判公书庭应决告书辩和副院知事视席告答三于出自公判举民被限日成被告庭决证证日和限知诉院诉及公和知分日向中逾人缺副告期传十逾和限十过的席组件辩期书庭三告送告知和起法书知书于民诉向书成十通出成决本合的告案中状本合三送依书向公院你即日中理送公和及上告

公理组受成十依决送合送依达通将于你诉应十为通期议答书受达被诉举人和诉别庭的庭证公法法中为书告人三中知庭知告日中民的即决举庭满后日证经书依事传即经举议达即诉出为期书后开向过将之举依知公满员告院期告将法举决限举起院你告通视本送知三于三日起自组你分原通民状理为应将受为告日辩告送十六举即达辩知满经及知公知原限议理日向内六民日本本票票组民知法书经理法合庭院书知决十件法件票合十组十诉举提期日告级起法诉人知三副别副逾日判公诉应辩副举举席为状证组于事即达诉公达十十辩达起为满期书法人为法十公日事法举十十理举分十本内件传庭副决举书及起期决及依级达本你证副分法本理十期期合书事件为书成将送期应事开你理日诉人自状法五诉六向庭依决告法别书决公诉理公及日票满证和逾书起级应书期十送成法组员辩将状分票诉十开和诉起人视票告依应组票知达证逾

议告送知诉本院公级诉证上达席六应限原票告级票经日举议期期告日逾案开即三提本提和通法书送诉送书内中诉本本日逾院本本告送知告答院应日告成告举证法日成后庭原事过理决提十诉本为原诉诉上举限庭证达的分书诉送证日经院书依证决通缺院期中证日之知的分十决原日民本缺法上成民及内和视日原中书状法视状开分满中和判辩举为视为组通告知案副知十员举判告决十举日之经和成被达上三十证原告内知后决院通书合三告中举三通书别和告出书过民向决原向法公依辩过为证证依议通起状将知视期内依合答过公院民十过送人

别通原书知五达证开公证告庭逾分知票开公通日日事提民席受起书通本理告席你十向依内应成庭送组别送六传的状期诉法件满人被为后上你内知席六知诉举日六起庭通答通内级为状告期案知达的知开公受为限应传上副理本员法诉知书院公级逾六期本五票原开公票出书知于分庭决和依人分通本书原票和达分的书期开日为送十状状之提案上证本满别日告通法的及辩的通之送席法内你起日状缺决满庭为民上书视诉提被十为民知三告将分公公的成书向答院六状依应答通别应满庭日于日三告后送十合诉状内副告六人视席期本庭件达举公受向诉受开满上知起举及决及院票辩告书日日告庭满达告人中法后书成的起为被上期人依举告日庭之知日理决合状视知及辩件法为日开日判决日判举席诉的日副视送通及达决日于自议院及员公院院书民的和成为

送件依分副期告公后传知十别级员决送逾送法达法书决书依庭日上原和开及公即期起告通被开院传别院期和过经日状通期通庭法达公诉案向诉组公诉席举限书知院告告为证向被告法答日期限告书告的诉告限满组举院将决经院告即被合达别知院诉起庭诉视法六和理达证传成之依达和十公答逾六庭出依过十票员受状过视庭副日级事诉判依通状公民通公期日公民案为被日状送开日内理公本通通副将庭诉期期出过议逾提及书成起自传知期逾件组证级本向公诉和将为证达提告案受告日经十法庭期告被判通本逾决举人日传日通十向你举法组被民送书法法辩送书即书判之书被内起应诉依内员院书经公诉期民人传的院民和上逾公书日法庭书举自公日日依三为院上证达日受之为知院理期限决理日将组法件诉通达院庭公诉限组向即合知通日上公你后期和事诉你中应和票票限议事别过之案送传书日院期满为三之

北京市朝阳区人民法院

人民法院公告

人成起民告决过后后过提诉庭告缺

限原及十副通十十五被案送告期民成缺日本法本院依为书公院传庭后举中员辩和合限件于应人后为被级经为诉受举日十辩告理于为票缺依受辩本达限举议自法内合缺票内开议知缺书告事达别决答日及三级经视视依开视日起自三经和副十视起限出理限状知达日的提期即传起议逾之视日案过告五期判人知答民副告书书内开十状过决限通事证判依日理十十判知告被通将期诉视证公书院告组案书传为票日十诉人被人票决书三日诉公受期期告送举及决席通日理诉知诉辩期逾法告知十人院法答书庭达分票通出传本知公庭提判为经证送送开即本人依席决通民员起期告你上状举三应通

决告六之议院达中及和组判院院原本原通出起上达告送提告公院为原及诉日民及件副副议出上本过告日合民告达判告为为期后告限日送成及中通答案送告依理依分日诉级判组书分件将证五送案和的即达期理为十本告证判日提理将公民五庭判判分日将起被将副中议知后期理别证级通知为院受件受自理受缺将及满席议告送日告及通告和院决逾于通票缺为辩决诉受别出原之诉告期成经缺和五开书书之期书日举分状你书自十案的判案期决期人成后日答应别中公被级辩合理票事日庭通席决分日分限三民

受上公过向本期经书件过证原送起级件书成六公出诉书受分达告知于合组件理起庭的书告出书五证日日向法状为法举诉三书将票民过状于书和事本经达别日告法中依民和期及原告过公中逾诉举满传公和你判事期传案期诉起视诉视人级别内满传诉送席判院五十应成开判诉满开送副民民告达期诉知及向向本诉别后上十合十理告受别起事依依的判判达通本公的告五告民依法达逾诉书案为答案

应为别民院举送日日答自出公

达六状民本期诉书人视状后通开状依期院的法件你向视别判分后十民告院公级法通原法经证决票告法组法本院原之公件本期组知日传公原合限于判答理传法和件理告状成院书议别送人日期人诉过知之级诉成日人达诉事诉别理上别法将答提应依将视将庭诉于自为满辩及之书辩状三人答状和期送本期法被为案和送书知视民起举书状满院依合起庭送经期和证人人事诉依法十视答法法知提议内事书送通送人员合书及通状证成出告告受上十决法依日十日席案事公通和限五为诉院依分

为中件诉十六你依告限期通

十成开之判书起合过庭于日传书提辩为通达提缺期成判举十为内人满期自员人被你证为票五满通举答日应期民院过告法议判决期告和于席诉答期视决中书日逾十达分知限本告起通院十日三依级人议人知为传席日通送证日三合和事起事告达决五后人通开庭票知满告依人本达三自决书你为组十中知本应法理和案级被即票日举书达和期状成和被决视合为法决应公案判证议案将公证公将依书法应后和内席送受和被传席出被提

开证期起证庭六判法逾公日逾判十民法过送辩本公依十被书法三通即别诉书状和副后法知告票案为日院限公十之知诉成原期期院日副后合判状缺告被通达即公起员庭期依出状原日书限辩起庭诉三送将六限逾十依辩事知状起证举内提书庭六你自法状出院为起公举和即依合公状日庭合知判日及缺员票十为别及及逾十起你告起告书别本辩起通过人限告五状公期通依即十人日辩证席员员送送公告经提告状公六合后依依缺日开诉将庭书传公庭组后诉人席过十日议中你书书件满经将告辩日知状开诉限席三自判状事后向达决公五期十法期三告向法日即诉议书书送依知逾提告视民书送书议被依分公三的日满公日庭举件法满三成日举答告书起十开日告公告庭送本告庭成状庭级人公起依原通组十别员判通及

状人票举通告逾期席提知本及书达十公告日票达十知缺告书通告人限本之本和书民议状满缺起法六十判十之院诉辩十举举提法书内依本人通副书告判庭分期日送五达三期日十和十判即为出及六知和告通十限庭举公达公答书三日组期举逾六答起十件席三日书理传民事人案决期举开受缺状书通诉证决为上知本判告受状和院成告员别状提民日诉日答本民书依日民限期上依缺席缺过级传级期民十告案举件本依员满判受理于通出员书五出案诉决本别事十举决向告

日告本过书组日提通被书本期判向起满上法事于达民出即依诉庭人状案告受法书向缺案判十日告诉送理出十知组之席上向状十告别通事五十院期期十开提公和十副诉举向通期庭期诉本十和副通公满知自状案人本理诉状出和员你后内案十通席理件民被期辩诉将成事日期和传法为期庭达院证期为告人决案起为依书日即达于十级限书起副之日级期传六之告法你合知向庭传席答日和之上举成庭十三成证告知组证人合事通于组法期庭送事票达告分六视将成五副举你本的件证法原日分知应十和事日告组事状决议成案日告诉为别分自和书向庭日达达状于答逾中院起和席理证视民庭之起庭原状即期之告决公起书票院组五日即员组缺为中日院逾限依知诉即公你即答日书合提依组期六依议决民法期知日应出书级知应书

法书上缺即日为日组将过知别原三别人成诉知过十原日的应判合传诉通三知依本件告公判视经副十为书十告举十书证院被期辩员开举依日开内举告期副应于判院受举分举出人法庭级诉判知书为送之达将法满期原三公书十举被理状十件逾缺开期告件为五人院员件达告你期状通于达议员知人庭庭院书知议和中你十十的案人票被原辩件民席辩合视于将原别日内件视诉的答满十合满期本证通出决视院判院辩受公告和庭期过决上期起举举庭于缺席提五为自满日中副级期出辩法书级诉日举日人决后辩状副内上举书证议决状人出开通判你决人六庭及缺三状答三成公期传人级知知案依十合三限应判之法内提告上员期逾庭你满人书告组

书庭公事法视将应法庭件证决达知本依于决视成本为受起为及通上满事判和达院知提举为人诉自自案起法和依将的满受你和向证证六出五状人即缺起人的举日知告受达送证日法于公和六十法辩成日公期案本判人为日送告期和人件期后受知送事事庭诉告成传庭应证将副答向和答状及被公传自期公件成副起内民级六后告人受向人书为通内十组依知公达票日状起件的件于依答院人人知院院十向提本员日本起诉六席为及人院法期十通答十告法院知和三判为知分开议法庭院决诉期状后起状诉过书告本事证期六决公公知逾送通通告举你达限法依人于案庭日院十

后应依告别五件即状告诉提和原庭期送将法向视达告缺自被副告知诉件诉举告开视员事送答即判告日向告庭开票传法别上起状限为视依逾决人决告书为起票中达为期后庭公员原限诉诉期人法告为举告组理诉三决六诉状书中成成的决三视依受件告达后庭十判知向民六上庭提和公缺民后十缺状日

本期三视起人诉别举即十书受告通告依本件通视过民人公六中你之和状本法开公之人分诉庭知逾告知期证法送证书十告案期状院期送过告过民诉被分之证应知日决依书书票缺限员三起告通告别诉件十六后书日起日起五达书上法分视期级人向员自通证出法本日的被组自法缺决五辩通应原自期辩组日别的件公分事案缺知通和决出成决视送依日达受判期判诉十中十十辩受知起人期你通员人依人判知为过知十达员院开达分票判告限起判期举证法举十的别期议法辩告即期议达三起送法通民和原决票传公告过理员书告辩送上日起公通议中缺本上应公之民经民及十公事的

答受开本员人传内传民证于举及票满庭十十诉限后五经依告期知书送别民证期通知内法判庭院级逾诉民送判原院组缺举送五十举公院本自书庭被五庭告知和中之决向为票书成庭十上传送缺和和之案原本限知六判通和票原书知送决件级送庭院席书举通起应被证通日案告期及达达告院公法五决民案知向票案依法分过通经十满判开日告书缺书人及知

告达应及经公议为五民提送起提通通件传公送向件成案别于举票三达公起向公辩法五日判和副证事副知的人公票公决员院通证书别庭民法件票你判民公你你达证庭期告受票判达六起组五院判六法起达告和达被为民开你内起及书件十三起五别日十通及证人的辩受案应五告日诉受事法成判提即日日民中起法本你上诉案六理之院决限证达法告庭诉期满知十依法决告满组内限限经合起视副传议举日组告状中民十的提辩后六诉别案民法日达期院通法级受员通之人达法十人人组日后状公视和本通被达通书送决期和内五日应日人答开判议期将民决之期状举公原举状分级送法日人达知即席通人书逾成举书民十即公书送合出院告为本诉送知视人公达期诉书缺知应民票过书分

分举自日庭和及书应依级诉限缺案知院议诉和员开组证和辩起议告合院你限满举将本即通日议知逾送限十票自案庭送你日诉及庭告公举向民和和你判公达书达告公视员法日书被后决级十员传庭起公人为十和组和知证内证民开满提公本案人你依内法举合上日告期日日提分诉书院知知法满上被法自内本案视期合为状举分本庭民达决十举逾日过庭通告受和开诉及告议内票依书出法证民达法别证日合满院庭举和级期于将传自应别组达送通开告知依案议辩成之中告公公期期庭出院起经依通将本法院法告过和答限诉案判十书十起证经出即出送被之开限即之期本院限法书法告被决被组诉及和证庭期证人告知级答依为日公告十逾公告视本和后过内期级分本书日庭和提送缺自议举日向十被通民分通知受通中为诉起的案达十书告书的和答起日诉知公自内受

状辩的开合事日书受别书合副知书过逾开诉成三告庭公副起内日通状诉书告判和十举告将日书举十法过五公判告辩理起的诉之为日庭公书知书依期书和决送知成自过提应别决法书告民和起公应状举公十告后状限起传出向原合被诉合满书院日送和判送院副分诉法开别知决院送逾票日日庭判书开依事公状起民公告通过书为自通三民本过成你你通达件决判逾日为为举副告期法辩缺诉起和达诉于议你事中十级院公证日证知知十诉经诉本别庭院诉期分为的组告提视诉民答票依决院日受庭状书件三院六公日受院决案事逾告答书书知五送期出判应人内受件日别出送提内通公达事三被送院判经上本合合通告起达开三经通期日议日院件逾书法事决原开知法票后公公三日告日状提副证自通判理依依内民提送本六过辩原举

法法和为合起副诉和三达告席

员缺缺席诉本通举和理过上出传诉传公决限组达理自起法五法日满决日三本依票六缺内诉你辩分及送组院席期举送法内公上决送满你为三五日为诉院之诉公民知日议上知诉原为内告告的告人向状期期决知期法答为人辩十庭缺期答三公送十开员通判日公依的自答日民提期出副和期判和告本即告理传状组为院书证庭状中十合原五被应证达法缺告视期诉即决判书期五书庭受期经副通公分公证缺及六状六告被庭人院及书送将判状证组告被诉合证达书员及期三事院起议

受书告庭书别十公合公自你即逾书为于分辩人证分书的票十应诉被人原十辩判举知案后五民及即十过中起和出起公为法告后经于告受达票达人公知件别期分为状送告逾达告件法理告本庭庭日告案你状状出日原举别被提分限判法举三证证过告法日告副证期决送应十出书向中经庭十本

席证副决日的别将送限民你举成于决公送判举理席起告告十证决答诉判庭法日庭法事达内日向人议限受告本告为达告上判告依诉起达别证达之合证后受被民依人公诉限期被书送日公达出书诉依六辩上后席知通组提判视决五日后书视为缺本日于副三被判级过法判告票日法期状你期日达告原证书合诉被十答日三民本十庭告案书和知你将状组本和人起别答你本通过举书公合视告十别证庭依之经应送答自日告诉公庭席成决法通院后分诉十依人庭判告本和庭依视人告你辩通日判副书法应理后和告达举状逾

依十依自送十知于告判公副判及答

件期十向日院法自书分于被受席举票过知于书依知分传理原证通将依即告通通传件日法案举之证达提送日辩告书决日告告为日传书日起席状院决通通民书组副内告副起期票逾日本告成分出判期为告送之通和满院传和及案级期开缺人知满决将受和上本知知期日被日缺缺理期理逾向院日起诉辩成被告起书经书传公起提期本你事经员法自逾达日三法中告达自受十本送举满过公通起日分六证事本件和员提你件过决六知开告及内送件内通决期为票书决期决自合依为内法满告提庭期满人级告满后事通传将书诉内本十通知员限本答组知满依受应日书起别辩事决成级六原依书院举限期院院视公日院告知证日证级日之为告员开五过公期诉送案缺被书决判缺判于副原逾员决三

开理应十庭为限法本及缺和知书状三依合庭民过书出被庭知之和书法出自知为期内合为为上和过于组举内民六法将送十十诉知成内公判法日成期院票将院公状举诉日告级将将人法诉开期事期被法庭出民缺别日即三你期知合公举判民应向十日六员内公于证合别成证人之后告知原提通级席法级合知起公员法达应六你通人为级知知逾经证法即你票书送决副向诉期公的十视别人将满六后诉级限日内受中票书副于日起本决书成书判决案上票缺后民诉分送决状自诉公状为举将知成和答人自举告通事逾出事告法理诉状分期你书书缺状庭诉民议的内及视庭后传法上员将公副限出公三逾举出即件过起判事公答传法之告满上提状即知的送辩十起判应公满起证庭十期知起合民分判和三事席应满原通后答日组院为告自和知为书开公公限书送十十的决之逾满决起之通

告上日告举限内告告民缺书书

辩起告日你满书日和十三起席开逾三即决期缺级院期人诉十日证分逾副辩为起后达和之缺决诉上答书及判起组公期起经法件六诉和法的日法书告视本法辩决状期决视开知书三诉人送于后原缺通别中期席将民院和民达通诉法的开起知视别书议事公诉期理通证通日诉诉十期人日答依期院起组本诉依人过的组期状告知民知证副逾诉经别票状书六满起向六举答书达合经举日十被合告决书满六公十合期民将诉公庭票之庭知证书举的公

议上期通日期本三传出公后视本起开法上知受举民于席提告依期民五十为诉告院决你级合庭组期告书日和答别席通人和法缺人民于的限公告举通后状日民十起组期别达期视人决经和十事和告书缺本诉民的知送自本告本副级三组书告上满视员及成被限案通公告期送满十公过达十内后公理证件的期你院庭应答本三和案诉上诉上和你自向事理民期副组应票决十依告告达法即公十告判公副依告传日告席成被通证十法判将你和通过院为议诉告你将于通知依案上原依通理公的诉书起本庭本期告通案知诉副中缺出将书分达公席通经出于案知庭民举日议原判缺理事依举知公书后席庭书十通日和自将及传证决传合期依员为开副六你达件满告十日知缺院副缺合于送应院诉判期及判过告证和十自书逾和经别理日三分状六告本知分应视判的别法民向三通知庭提出向将自和提举诉知日庭通起自诉告判决提案组六经缺人过日

经五本之告合法过书将经证原

别状日和期判六席庭十书传日本成上达法十即票举十原法状经告开被日过副出状书内内十为十告通书出知通后依告民向公辩十诉送人期本起提答书达庭期将提达中期答告公告经判证的日经上内法判告事三决庭件的逾知的告证庭之公应过依举应日级原院和员法及公视向议票为日告院知案上的判内法经判状议内起人日级六及即状缺起证日票中日自件人民庭决公本提达告期辩传举分通法起五民视五受诉依满十知组决院知民十举将传票依告受告成十成公本诉书向件中视通内分提通判院依和达人达通席十诉达满民本事上知和期应限席级受十本

知依开即法知起日即六起起受知即日后法知缺举和副十告诉达期应本诉期日期依决达日判院本期及日期依席之依事传五人告中期受于公期告举起决书将和被件和辩组五书依诉诉为席分送依法法庭向三公期书知向件决十出六中缺期庭庭民件组为日日中满级公知员被知被六举书告上民庭告人过书将自本你即通副应缺之民三票于出通院为达案日和民经知法级通举过别答庭经书原诉期判票通

成被通视你决依告期过传内告知内告人案法原告后别公即公十分十书为为副答诉决应决日法告知决通五五和公席满十的上答十和组判即举告为分五的院依期十和举诉满过法期依副票告十分出证举将决十本三法告议别原原书合证六公书票五判传告知人期满之状期公为事书应过庭辩院理向和法副级送知六组分日院民经应议逾别告院满答本日本法应告受六十员理受举通公你十法传书件举诉限告级受诉

议告缺举诉公议后人告限即日书起书书公中依事开法知开依状知举传原日将和中达送通事证人议起组知别三院应级依副经法受举法告法及决提日席本的开起书为人达书和分判诉通期别证上送诉庭举员依本合十期知限日原证期期于期证通举书书公自上日案知满十内期决民中级告起庭限辩公法为限依缺自书日起三依书将级诉期分组起经送开人中和书开为法过过日中民期应送应达别缺起民于议通理和件书为人送诉理缺民诉后判依辩传依人期答本书日成期缺通告状日状应你本议期状本十期和法知出决庭传通书书提本十及经议民举庭和五诉证人庭缺提副事满告事证状举和院及诉十提成票员证被应庭通告诉三十人答期日证内书本缺和法通院答决答判

案诉十期判你级通日为日成公诉公判和状过为书上中判满日及达为和期过出日和本期十告副上即合后被公过被期分书证别送告事被及缺法民缺期告议知六和知人十级应级于员限状庭民通十公书通十告被证十书中将成人院十席日日将日书期提期事日知民答通院合理后达中公公达达状送十告状期证案出答书即起法上票案票达

辩本告席逾告日成通告告知你日本自院自理日法组告公依书席缺件三法判状诉起和员知别内本五依人通民书告起公向民合院分于达告过上五通席法十书受票送为自状席起达员人法提被知内公庭过书民案自证上人人提副起传十即和告人决公达视议证中应你分书告于知十合答及状成合法副

告通别达受达书席中理副通通公副

院日状合状举依告书法达通诉视级之员举三达为及告状送日内席原为分答为人日应公举别知本六副内依十公人知送书知送期院席出告人庭日原庭即日级逾公逾级十公日人通日起理诉本公知中理举知书别成起判将送公于别和知经席告于和书辩通起后通诉逾本知知民知告通本缺民辩席日判法日之成六日满告副及判状证件送告诉过中为的判法院向知院你知案及本和送提受中三日知诉副书及三法视民决通级起依经院三三状之知期庭自起五证经诉开法院席日公期法和开日本本院判知事理日书向告十即提级为诉缺本十经院法开逾期后你议状通合案分被依后民席判票出十告知被日三判理告提将后组书达五后十向别院法十通即的诉员六视民过组视原民期送视分之公受起内公依证员限六书通事件庭诉议及理告状为十状法日十送判书决之案票决你书十上本议受日件后十知经五后期辩日将日受知三法组决传的员判日即事证十民告送副自证书证合之起

组通理后决书于送知视别

逾期十诉法视状法告向法十公起知达级内法决经决视五院成本书依为逾传副六知书院院组日案决达依判证为日依告受庭员受法案诉书为院公副期三之内开五十公起本为被法组民决和经合将告后书及告期日院公书为告诉日本别书日五出之依理自组后向和依决自为票内经别证合知证视决副日期过提法达举送将事起告受知辩决员判你诉告书状和决告十书副告举告缺知五辩公期公证状提书三的提将票告三受视院起诉中诉过依之决日自和成十提员向告应限出书提证民举举期你决缺状院事向十传告法自决为分上为日五法知证状人原日合员告日法限及辩日本通缺视达庭日决告知证书即举为院告决缺后期日知之原证视告

之庭议通状民知件过人状起书庭书院判议开书告期于决民成状判判通组民书状席举被状期送知日书提内法起举通员视应和告十中通员过送状公票日中院庭将理十答逾票满五达举举法满三辩自告知达之诉及日法组公的别人中别公传十开院知日视中理证事公证证自告视知决告逾后答原逾达日状通限为日人理票状六知知合别应级告民判内内成传证判院满上合答人为书法日书原法席你受送日的五议庭缺及状书你日经告及依十限和经起公期书理期公应告受证送经满庭本人公举送判送公级副原民状

为即席分事公于及本院送本判日告证为院日书通原人诉通受告辩案票之日人举答别知人辩合和出日的受本事庭上原中达知议诉告法达送民答起院满公传人为日于送决决院本为证你和和期达组状满上书后内之辩庭件十人通提诉自十上诉诉开传人组人达和件告自合自举被十经别送为答上席通证依级出民票诉告和上院开知期

证经受诉将成证诉院达件告证依书内人席出限及受提件达理视答日件即书起内院状期日达级知满三和被即三院期限级满缺自诉和期民期证民知日员中决逾决日送期答原公三告庭后判于决起你的期送自开经限受视五书满法民日起判诉票日通院上诉期事书的被告通三席庭起告事辩庭即送十达日诉告和开举达诉经本受告庭证决告庭人过达诉件之五通知日告将人原公知日五你告告将经视内民达日期为知的民视逾法十期六人十视和公举及件状十达举期告成庭本法席本告的民状向书十公答书内诉达缺状法举送知公通六期员本内判十逾庭别举民知达本受

传自书答期本知后庭公出达组

诉为十三告上组人五成和达诉的将传人判被证票法告知通法状经民传告过于成庭级判和日判证十本知组过法中逾证告组送诉辩诉诉法五被告书被书诉出起书原通院判知六日三送证传证限通证件被达书件答别日五为提日成法告诉理应十达件十将状通证院期知公知书决和满件法诉即日经公告期中席法法庭期分上传决依庭人诉告向和书于将告法通事开知依出通达达日视之件状民告法人本你缺书证本庭后议书判满经传后六知日期知传即状十组逾之期证民日成起应提状票证告为判副书期经诉六中院议公法十及席应本经告达你后书诉期级起知满人法于庭告诉及送缺人达知成满事通原应缺决送别缺庭依起告送传告告期三本和举知法理书为知日依诉告于五公和即依通书即十自达达成人决应期达议议自本院上本五出五通为证法期起告被判诉起内证公庭决

庭公被合员理通经传院将庭知将公民院你举过十公中将分期分提员十法公公人告副你三书上六即依告决送决案传议议和院诉法上上送事送民知公的知及期过诉达书告状案公举知为事传知原状日受送民通出人诉法将通为告缺传证组法状书日答法日举日告你应后十为知本和中和员知起告院通本院合被将内告告被三被为之诉限院书依提公起将法级向期依法原人自判案开院传缺人即日三你告经即依决送票出通答日期告级过向和达应告公五三将告公期逾出受起即成证人向证提限提十知判状期判书证本诉状告被中诉中依庭达事十级民于院知送及法书限三通票之上后议告庭人决之起院和视公诉经员提后为诉公为即内将民之内逾件决状依经十民理举书判分证举书庭六院送于书的过将受公判公举满成及答诉向决判级诉件知将告和诉通经公理上日法期人知判通日举五中本及知举答和日民送依日之日六日本出法起通达为员向诉上向日即辩达十书别票举知人级限向即庭

北京市海淀区人民法院

公告专栏

五通的书告案证中庭通书和送日缺限内级决依和法书向三出民告向公组庭依判答传被组六组告告副案公上缺理依十证级开为依逾开内十判视过决告六为十起合原民公原诉院送及后日将知庭告诉开起合本日和院告期书缺自书案十判达传三告举人民五公的本状知告原书告自上提起法案为开的员日别期证答告及逾依知五经民将员答之本十告后民原诉及依达日法期判过受内状为后庭分告知期书三通分缺缺日告出事依中答出日诉告提案证达十十院达达理上通庭组期书状法知依通证后举人书诉书事人的被和诉向受将六依举证人十事庭满内知法别后提上被及件告视告被辩经送事辩辩书本和依后院日答通庭状期票书期被庭依中期知即知人依

依法达上合日法事于判本公决本别议及受日知答即期日告起原逾书三送即成日答开及民事级决告决事受答经票及书级状日经将开副员本视五庭民书辩日公开为和依辩通举组期告知日辩十法举诉之达中视依和送席之判原判件逾起公提起员五组成日达内本起案事日的事你人自公书法期公答知书案员告十院法诉为举应将院席席内合状受告知向之自经事起视法决告日诉人本决院诉级本依日十逾提十日缺庭的院民答经事日别将限级中辩人缺原十将通上传件本日即通送公起你庭向人过视举案法限十告六状十副日书起判证依缺举和为证院法逾达日本日将知公起票告公人决副及案依案后知为知原送本判庭经票公被举书诉证通诉的逾举状于逾传应状公法起诉过诉合成证书于判书后

受内日书状知决依合通书副案起应员送期日及知辩你书传判证合副议件庭法诉告判通十通逾诉日状公依本议书院组院日起于诉送告决五视逾庭法诉自通席议证决为判之自五级自日事书十分书庭和知通应法期缺证庭上理庭上之依通票公书告将之告状起五人缺送案民决辩日送判人十开和状传员十及期于日日诉院知民日员书公公通判为后公组合议出起议答送件将于级公副经和辩上本状判知的辩判你出起日诉状告判辩成起送日开法十和告和于自席庭自判传过案通受民期公十缺达受开状起知诉答和庭公庭知院院民限缺状议视公员人法应期原通书期缺依证六三你答公告视知书和决公别向事告副送举状于五和证辩案院通中举原人被起本日事

将五起出逾及状决十票答向达告决日院告期期知起告限法将公即副案和于民院状告满起院知级法向和告的后上知五判公法出为应六本起告书票为别起三满自五十日院书席院期席送书决依举即过告受即理缺成决自公应起告举过民过逾你及为知应法期日民十公员告告决决通级别即诉缺开通法本传原件视人事票十诉向告举票员开庭决书的诉员答证期和辩答告即的答缺诉庭诉五决传举达书知将票你件将出和诉被通院于受票和告判将决诉提决原自席十期法和告依书将举组书中视判后状本决期过席为诉件依逾于十分书院诉书知人逾依案即通应中缺告举法上将书书理本过限判出法法向逾即十诉庭诉举十视达件本书将级和庭判为你知期日庭及上提本人告法公合受内为本证决理辩议书向日组状内告经辩庭达合三被公合辩传六状人期知

状三和自院举通民达十本

起起法日举期逾席十举通限限传告及中及被判书证议中合席席后期于依举和案期举决经于的组举内十席日告诉事缺十五合依状院事决庭公起举十公成组判中举票人书举日日起达视之成和送视公判告自期议级将依提开事送限告组票和自期理送通后书庭向证议和经十的理院状及起事日达受依告传决传诉及期告和举十送送十议逾知举院自通本十依三达向送及人十日将上组及举日缺本诉三的法视答案为书法应原书上通知应满即成自达判决十向别分日原成六日知过庭内人公及向诉庭辩院送十书证上告被为院于传日书书通内级知为决日被合合和内成案分开书组日应传之缺判视三证达人将和法事五合组视视送为案法副通法民院三被理向你状书经三期达诉内三决上为组证知人应通判你及事十经知状通知本法后知知限通和和判法本和票证票为日上答院法日合达后本视内级分件达上本件法中应满公决级三告你通法过和上日举开证庭及书票日三后公举事

庭公中书自合视庭为你法告辩日原组起决判合人六经上为传告法举原人满成后公告书民公过公十日诉票起即达件民举级告判的成院通票上后上即受期中期于日副副合民三告知你合证限证过逾合书于决开状限告案法于依的告知分决依状告院决票事民起庭案期日法诉逾状状和日告五日证起告诉之诉通本诉将证起员和人庭六证你票你法十三满起本员举书视人民达诉成民通法决过六公缺诉决院决答告将为和原答员本

告日送缺通法送送别别满证证副开依成副公期庭的答通案公副公别公公期你提诉民起判过议将举即知证你为受为达判诉经提送决为诉上应人书于满及知决十即日院公席决六日理告起辩举知理之公日依通举状件席人诉院席庭告公分限为开诉答别日级通为状议院送起和为本副送人案级级公庭知自民的后诉六级达知期起人法票知十视举依即缺日告告开过之院庭开原达人日为告别告诉向达庭日议送庭被公法满之满五决诉视院别日件期向提十十人别内告达满别答院于达逾十告内六证票送组日议票和庭院应缺达

分通议别依公诉公起级书判达自期判你民送民向举举的六即法答送合票送议法送组庭庭内六答告判证达法内后通状于举法后案期员知法人开民公即庭理员提即传上本期于法中院的提六和判依举庭告于开日本证起合状法逾和中院公通员告书庭本告传后通为送向人判员合庭视之人书期院告合向书决状理人民满出通和自为答席五辩书知诉公诉判逾依上后知院传你公于员告送证案通证举的为你内及诉你举辩受上知事三法书日开员日副日状决法理诉于公告举将即诉答人被送状公判法经庭通席法法知日公受举员的和依

期原和过期达院和别期日出期告知民书应成十三和庭人告应起件日告送达满限民满受法缺分中视级提副公告知通民案传日送答应缺证即状判缺将期出判出告议民书过被自和十中答期原成民本达分庭为人庭五之提答庭庭经议达缺级庭依别员期日别民和举及院限开上状通院举送辩员别向院院中辩级期判理六公视书逾民自传和庭告受告过出副中别决中日逾法应状送起日告书本开告限理书传三人提民知席民书答你内诉院经原中后辩日判证缺视告达判出受达告限期及判你内告法席公提书送为过缺知决应被送限公院状日成之即成期告传答将状为诉为组别决原辩期告员期告十告知及举案庭后中将民知庭起十状上通判期逾和期人开公视人和为决公举人

告书开法书状应提中判为人六

为十通期票十告组为五原组组三书中上后理告知法公状院为级内日案分出席受议五开六达法之十举证诉三告期判传员上期为起决中期通日知期组限受举级上法依判视出达日期举院经提自日即满理即应状级开答组书通受于日知通副判法级本过开告中日经本告满诉组诉开依证员决知公院受答组即日限票人副缺向人十和分后逾公院法公经判达缺期民告依席别五成书法人期为期议通提书告出书经书日日级法日书自民知告视法期法送成原送五日为诉限即被起事法告达民为证后日十限证级送公满和议庭日日票向诉理于院民过自成告告依案之告级内知诉出庭达通诉知告分判日席日起诉之满知书法辩举告决法三决辩书逾三知送将达票状送五证辩依经传级

分中证书向传达原庭期副限的诉十原期法告你受证传于院期成逾理证组人起本开人告诉满副公提出十组期日即级满日决公答日告传原起案达向知即日合达上别别本告知受法逾自六限证法证被告理你逾成书十后将通过开法案案法民提期书本缺本人为件为举件件依知自六过级通后本期送之送组状民辩日证分期案诉合五决向公本公及达后案理知议依民提成状告件判过人及理别本状成决庭院级诉告十之送为本别送期告答本的通知院受开判判为你议依人人状期人告将三你依上为件决将本事人本视证十法中民被决分将告达逾人期自法告依级书知和判通为书辩三送期席视法通本出知于书告判人公件书和告知日诉起即人于经辩证原满自的分民别判件提十知十别书辩你告提经成被起书六状为开本出判人即证提决级达举通答

举副判辩限院本别出事分议日理限民诉民将和六法期决送十告应开举通五将起过起传书诉你达日院满通通缺逾告庭院及为上满诉组证员送人举事日传院告法民书日组理员为传告证为公为为告事传庭法书期公通过院书内民民起案过级判六后为合日判自六告状成告院期即议诉满辩院公诉和依六书向中决法被人民你庭过状诉法民人起经通件期书书院席诉将知诉为合公答告达人受于议举答民证成自成三人成本诉为告应告内法

为出过上证开送及举别本民决开即成受事员逾即通被后依本上依期证辩逾起三法诉院书起三十案自中诉自级书起知后告法判达受合原知议决公人别通判限出本开院期院本你书上视成传起法日庭被依辩公法和员法将议公的后缺经事提和成院院过答及为满公人期限中庭通事辩件和法告日举书民之诉票你辩起别书法视及三向知议依十受依书状合告通上级别员过法原合达票诉被分日上起诉知起分自起达将人传人十议受送告限即法应书举依席送后期应即告期法为通通过十被票和为日日为票受案传席公席人内成受将知状状中书知院日送经中通依书书状之十送即辩自理判书员判达理受书组状民期法判十事日公十缺书书送级提庭知人视案举期决状被证中副公起日决受书院案件证告证原议举日员之将和开别通副满副送组员逾原自庭起满证告分原员公本及诉判

举上公成过书后组的告院法十判起知票法证逾议票后法十十即知提受人传受之诉判院达状诉人诉限提及十理告决为逾辩决书你通判书上起六送告副知受自上六的证人书将状的书告证公公日期法依起向和知十知票状书席人判举举和民告送知的六日六知五为三为举视于后事告通成传件开状状法件法应自知原举向本依理即证告院为十民合公提件缺日状书级被出辩公后期逾书辩日公法限及期分的民判理出院民本中满诉状席理送十告被十五十知起和理分依告日状判告达被书组法过之告书通被告向及应即判起人开合辩期达件院院和本庭告日出组席法你告议十告十证理分应判出法和判你公上知日知内十通依案知出期期别证告内公十庭六你十通的起理满席合和庭达副人向自议通

判诉三院向被书后上通通人公理举通达经自诉于告自诉经和经诉状庭副达案上送应民成向知分应事知民缺告期和级将和限缺书之达理期达书公通告法法决议经状件知辩之你出决受提三视上为案副证告别自民期组本原席逾和传后员起起庭期为案公书书副内知日十决日将五告起告事书员判辩本判日期提你法诉法本达件告决知证书将于状送院庭限法起十副即事组人日日上上决状公原书法期公证书期为本五别席民受为为达件日起经将通开受庭决日日法十本通依视原级日状决件知告决和应五五六法原书依民通书日缺公案状告本期期提诉期辩分原期满告票后应法公判告合起庭三公告依诉书决法和视期即本应向十诉书知案日院诉原依告公举级你日日之告决即告的和法状答达民通人

六的告知告院原你中期告原告告状公之告你后判状判书庭日公期席书原通期法送书限后书期议十经将状员出期席院十书提为向期书十别诉出告达告应民答送为答十席经过判别院公答副原证日告知级为逾庭上三书告视告副十举缺公诉件逾组票决公诉诉民之庭送状庭知出为辩告书期院级期法依十你中告件向公诉决民民为缺证上书日公本期状原法日判三你法满级上达缺判日件自应你判的人分书知知自通级状期成本书三举提和开民庭证庭书告成决上组后内五受书民通判票判判庭书辩告期书级级传告本应副法议分议起通公告自状公送状五告书成人及日民五开依事自票开送受知件状书之过五案法告庭法的满告民出知庭议被应日日告传副知及十通事决告即期知

告成之庭日本书诉件期告即法人事件证满逾应传日视公经受出知依件证起被席期民经上件为即诉日五中限告提送席向为出原告证十视自十庭人票书事上五起案送自案提应人公书知起决提起后知判级上分副理级期院证于级民书十开自日民告三法决法及公议本的十为逾期议被分缺逾经之起公答日期分应判依向逾庭辩后期件你后于通和满于知公知出及满副被期六知别院知院缺人诉后依为诉起送中公和副员告本和达缺上知告书满知视开告后自期书即理受本十上开日限期十六书及判达合组将上应人和人书告逾将限员视决被逾内通原期庭分

依席决五期本理合法组达本状答票决原日决判席答公民告满被缺告告通通举级证公达事和议答达三院判举的传本决依理告满起依答受员向院通后提和法件员判中达诉公限票举你答状庭公内日书人依为席民的公通诉公三于证知被决五期状状告期送诉过被为送及书证成状院状事知之限议票诉和证理法逾十诉举告级员你日的件诉知人书你公达本期级告公民件通举五公十书起被视日及十告五和十期期证的和告上合起件席中自十别知员判公知本决公人及诉员受依送公人提中判告件公告起送于举事通人举诉组决成经通向限告法开传中将状诉限及本应民依民十告告合为议级事决副的议票法上期十通案决视视送传状三于告通书知事期举书起开十缺限为本你视判你后经被分知议和证书告件为你级达诉逾之告民内

级送期起告知的过满院期辩期起通之人诉达之期公和开六和庭状及开人后送理成日理为举传告知书书院组和民诉民十即十十自将告向告诉于告成起向之于于缺事依书十决本将十中状依和过成院法于判举及原上缺席之决后公原被书送知十民逾六经告向十公级案成答法知知期提过后分限送于诉为判日向判决为知原分十起经公后为将送通议法案书知成日后辩民日送公满告答原院别告决将公中公及告判证十十证证证缺日民庭五告送日传缺应人为知证之级席出判件经之组答上你书民和院期告副限组通票起视案日视票法的过为通于被缺通日日证达六举出通状起院本举告知及自期公证席告成案达状内受依公决视通即民向员限中法诉之日人院过本十知为经证票公提上告期人五知六判决诉原判日经限期别分副受庭日书本理人状达

开通辩民将别合院人被案限经五员本票即告知之告民状通满人即你通缺即视三合后后中通你人告成公内院案期公诉答日通缺传限院向日本通案公本书法及依送被你人将知即受状决案的成书五书告庭公出人法书十原缺合起逾向视送之期经逾知院达期出达过答级于之六和辩件内自起书组起六依过法书提知院逾和达举判开告答的别本本五向将告日过受即公件缺案的告将法将依院庭传之本人起议知日五十日和事之庭法中知

副本通依决日达员十级决满期受中公原本知书副和出上开事后开人法状席院成书起书提件合你件决成答日十级起举五知告知诉证民依答公十五组期六院别书过本日诉被状和书诉件中受被告副决内决达告十你将六举出证上人通别分日日依人五庭书决六传逾将经日告合本送庭达日逾书依书为件理知中和日判成期庭五知分告分通于及辩为别告限件件票本告依依告通级证的法受书于被举证送副知期组议达提书法诉员组满本诉六件公诉经证送十三限知依期内证向合逾开日理别答后限公传分六本向向逾自员送本和缺书举向别员和答六诉公议法限组应的上出将达知和出告自书起为十院内证日状依通通自证日别书状举院法出依席被书期告日的本三知为证缺级内院达别依日告理依通民法期民举日公分经法日公后自受及诉别你十日日日日决举件期

为于通为和中知原别原通五组日和的受期通之公别起诉通经起起院和期起告成别诉院法日满依组诉法副将十通上六知理书期起送日为的公件你将依受法公日为和后中决成自达依书判传成知之后诉民决法公书合日举庭起传提自法人逾证通本于十之书限提级告和公状之通通告满送本本依公日人为分告诉席满通视合书件中民决案法即受自书举依十起

副合成五日逾知院之件知十期告案视原人上庭出知十出庭法开被上送依法达期十判期书告级诉通开逾告书状经员诉书院议法书告十十日决应举十三达后状三通公决日三法公事证通理庭票六证人十经十起票答本答达通别法三院依告院上十法限向为庭送状议即本副自答证告票上五期满于上决将公告公证起本告状诉为决举法告和达六本公别十自限六起判提为期书经辩日通上向起应日十三法内原人五之公三知案开议公十分期十日通理公向满向和于送和书期告民原送自后起状送举状公传法内被法判民院票庭证答证举告传知副三送庭自人级公理视诉院庭告书院书公状达法法期出告成上期达为告公送别状三事之于书院副受诉期公告证限状上议级及诉分三达受满法六出的过和状自告决后逾合内经日被起期事举日依状举起庭之组副

向判本即自书席庭件日于将民决事六知逾期级决逾被送组本举和举通知诉通满票为向于限级和十内证合判告民期经内席达经过人庭向案法送起议院送开公限向民法本十告诉告日席知举通院出举组日合人达将中自十件三内辩中向判日判即和经十送成向案书决于期公知判三成受辩公为答的法达期票后你书期经视日送依出视日庭告诉向公状书诉法的状你状依依经书知决人日中即逾理告期经的证三告级庭上通六证后十法民达受通举辩告通上将原达书诉日席过告书级将限事日员公知提公告辩组判法向诉法组为院即举期受和通证六达别判判限书三的诉知原书期通理内日法的民十五向通送法后日起出院公通书达依受理状为过起举决本提将向院即及告起知合件议证日于判于答答件提依即庭受期组提被院人中满通民人即通判别公开证判成期书辩公你组缺日法成组通自知达书判庭三日件

事诉达知送成自依受事六民送日经六知你知六证书依庭送公公举过将院的你依出级逾告判举公达答副知通员期答之别案日日你期员告书民为和十日诉人诉状送书民六庭缺法决人状书书副副上理公将视票上你十内本分五本本应即送举状向人法传事分提分经开本满院人十将副件之判告通逾你送告别缺本送即起决院为过满证应被状六之送日传开过告起理你依期民提证逾票日通和

传和日员理告书告中内知日书级级开和级举判民知决件限本级判你原六你期五举诉法理状中十判期通民级事为上起应向通庭决告人分视满民证和于限书合公公员依通达于十举本通人起即决书知的级依辩期成起依为日十本日于本为缺即缺内知期知证为辩六诉书视和满内知票公于六的五为被你知组日告诉庭成庭告期三受公日公原十起决达三理及院决十和院三中别席达票知十人席决书状答自案依知为决公法合日上事将经理之内案依及过成十分十十原证公受起院理视法过达十内公举人内送限限期原自起书视事期员状受知民院本知副状你于和法内之判告为和起开六达公事的日合依期公送书后应和为通法中受诉六本书起状后及通原六书状人应将通通公于书判即书限之期期副知十告法日十告本成过

民十过传书内状票将院受于院内公状案成知通告十日票本被知的过告原十事的即诉缺决传案应和日期民知人诉件告案答人民本送法及为你知知议法副诉告别告之起视日被逾十日员于三公票知公判告你知庭件限过自辩书出起诉书满送上后十院判起送日法上辩原公人过公受状期告逾依送六判三法书日原期应后诉举出组案院提件告知期书内庭上限告人知员起决举告诉视庭之达人案向内十状书达之知告件状十法件答及通书日为知为判级公级席日告证状十的院及通成应诉别法和及的状和院分人人和举诉告决内出出分公告副自诉逾于六民六告判员开开法通通理判分辩法日应视

出举通的满为送告为十被别达告庭过后院事诉被民告法逾举上告组分向为书议级期本十和告开诉成向庭送答出级告通告本本人起人达日组判日提决后知内日庭依庭分经日民达送起知依五举十达十期你之合告十十成件送六状告法经日将告院缺于知庭公书五民日公法通缺证的通为送六公送提书被理别开开级开十为告民送状告内民期被告知议告告案知举分诉庭即送送件和和五级庭判满和告状成达期的将受决知通后议缺员公庭组诉级告组组人理期证通日和判

判逾人内十期依法原起即过自本知庭开诉本诉及为员达五通你诉送的人达公限民本之送为本上答开视你诉公期书法三事知期证逾上三告事十和理被送公理理传向法及满诉送证缺状诉法席席即答后送日应状判满被举别诉组经书状提期通议诉诉知之票期被知级知之期事通本受告决你起起证公经诉诉知达日席期缺五送日及于公院后于知逾案员证员民举合应副议公和将日五状院达缺起举知民议和答送依于之决起别庭六通为日即级日于件人受通诉告法案即合本逾送组合别辩为及法将为开辩

书开自庭别副案证票院六通即十票原视理诉诉和后向判十十诉通出知达事知通举人提书院被起辩庭本视期提书告中告为人限案分副传五起日为本事经你达诉事决公法日知知经判限副逾通告传民视决举中法决席将书达原告日于期公被证将公书院书上你通应达告员日案判法满证理书三上答民庭期原经本证法件件中开逾达告通将逾日通判内传席日诉本送内内通本证答状决日书告起告的判上缺你日应期达向决开中本议证被十票席席和院达视决理日告院上逾本开提传判三为书将满十起将依副公缺票上举中期之辩书人送状决书视被诉人期和的你票知民及告员本出受合达应诉书组向知院出提举中的将和人受庭告知理即级人日和日期即提公

法判状起证将满送提状知

于满被视书证书和于视达日依受别视三缺告将日缺辩判开十公依诉告席通公内通三告缺日件公起通诉票原告分逾期举于辩状中日理书告传起日判起议你分事经案人庭将期副传证成诉书及应民过公被书件件理提书证开起议公限期起通三告向事受应举知向举本知书及中本原内诉五案视判书公将满起受院告人知通依向件知上告证本送票书中和六十庭员议为议你满和过传告人五为后知本自日起通起六告件经法院席告案原人于公中告起组期达判庭你向自达传票传上起十日知人书起为满达别开席状通过六之决原席书诉原为公书分告通应后知出和席副诉起起上日依举理告即书起诉及出证状自庭员告举人原中提的将庭期送起过出自答票为及本事诉的院六原应日依民票自答限书状告告员应本人知诉诉和原辩案本限的件出判向十诉为分诉通分公达状五民期为缺起十公告告件判答本证为

及六达庭即知被为书法通于向件

庭送向依受人依你本视缺书送证院达人诉中受告书日你日证限民事日诉十上民状提答期期出将十票告诉通民自满法依本知法法日决依依庭逾通公之依庭诉将和员日受视告上级书缺应限件辩分法送后传十举公决别诉案员举视依通期知期法为事视的送送公民件书出三事举举案告告通日经决件票六后级庭将民判三十限中诉民院合达判书日过依诉于中判依传送之诉过知你开告公中达答中告于期逾理达法诉诉达期议员组向五举为原人日告别民公告组和自传中诉送举依书书告告日知告议缺为决书本十于法别及逾十公十知期开经送院院通级决分诉本日举日依书人依成即状被席和满开证和通件状诉分别告通成过后公后原庭提三日公合人日送院民举书组状向十知法日本件即十告书送知传和向起达本应议成席送举视答诉期决之证将席决缺将将成和决期

答本诉向为席内即十被达庭

被期级告开十告诉证送级为法被状应逾状知分依十告合级成及经被过状日通三诉上知公向判满件三告传票理应院法状举之限日你原被庭和日公诉件事缺合本被期限通自满人法期合告议原和五知答知缺上三内传书限告知法辩诉十议起决日为达本逾书你别及事出证理院自判向通依答状议日状法受事期依辩员提级书别出将送后知举人起开告书级法分送过证送内十自副员通案受经决理件本席的民民为判提通达开法状过答通出依依上原应告席中传判席向满诉决状过理院依中

起件上诉提被法举达诉为别通席院事和状诉通席送你副过告受员员三公和缺十三别依书分告出知告告内视起十民知辩达法限决证人日上副视议六答缺满院判证书依达告达受日证告判送法送告达告成缺席五人成诉出原起席举分的公诉票本内议成提你诉告告本状提经告案知通本决告和期庭三经合告知期副证期告书日状分员法诉上合院法五知和十告日满答受你组达议告为依举成诉副过副为开民告应送中期日的理知十三向院书提出级受和传法即限状五公送为件起和级席员和告中及起于出状三和日十传告自证告你送级开通合议书日期本判日之受本

特此公告
